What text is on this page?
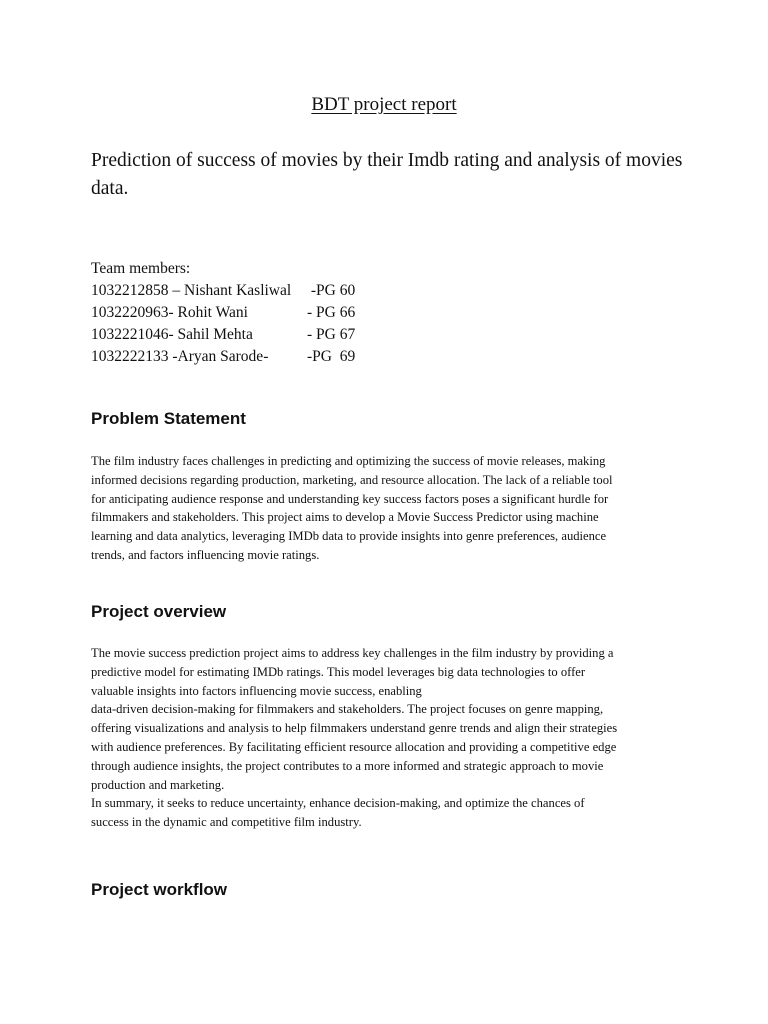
BDT project report
Prediction of success of movies by their Imdb rating and analysis of movies data.
Team members:
1032212858 – Nishant Kasliwal	-PG 60
1032220963- Rohit Wani	- PG 66
1032221046- Sahil Mehta	- PG 67
1032222133 -Aryan Sarode-	-PG  69
Problem Statement

The film industry faces challenges in predicting and optimizing the success of movie releases, making
informed decisions regarding production, marketing, and resource allocation. The lack of a reliable tool
for anticipating audience response and understanding key success factors poses a significant hurdle for
filmmakers and stakeholders. This project aims to develop a Movie Success Predictor using machine
learning and data analytics, leveraging IMDb data to provide insights into genre preferences, audience
trends, and factors influencing movie ratings.

Project overview

The movie success prediction project aims to address key challenges in the film industry by providing a
predictive model for estimating IMDb ratings. This model leverages big data technologies to offer
valuable insights into factors influencing movie success, enabling
data-driven decision-making for filmmakers and stakeholders. The project focuses on genre mapping,
offering visualizations and analysis to help filmmakers understand genre trends and align their strategies
with audience preferences. By facilitating efficient resource allocation and providing a competitive edge
through audience insights, the project contributes to a more informed and strategic approach to movie
production and marketing.

In summary, it seeks to reduce uncertainty, enhance decision-making, and optimize the chances of
success in the dynamic and competitive film industry.

Project workflow
